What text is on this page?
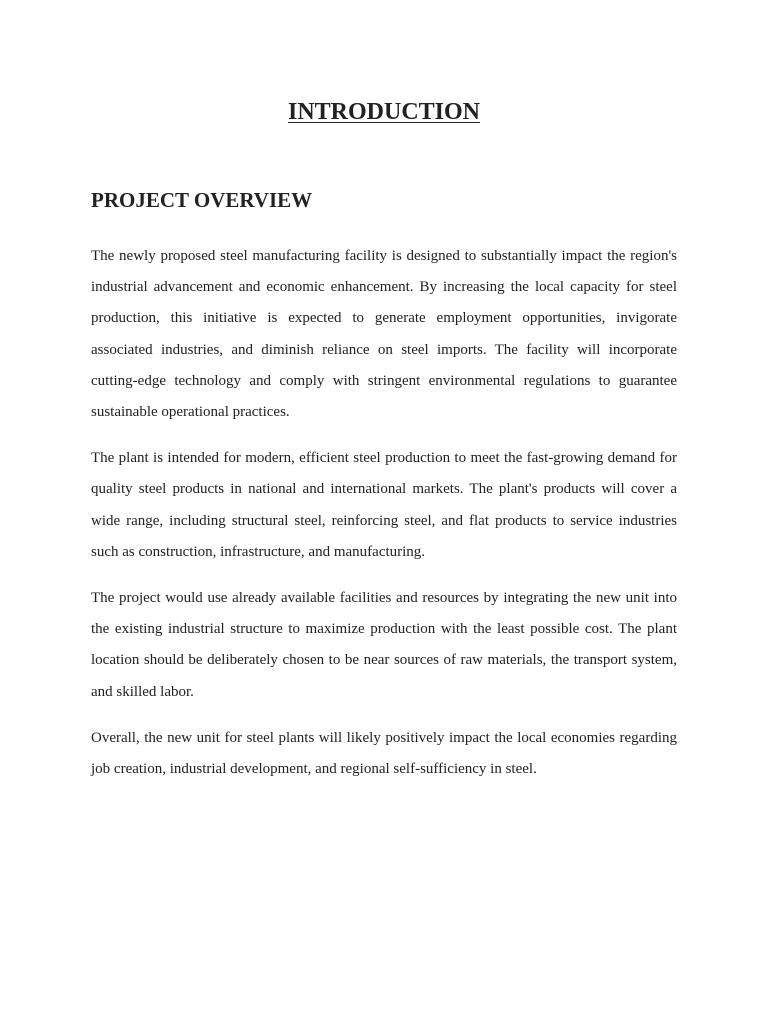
INTRODUCTION
PROJECT OVERVIEW

The newly proposed steel manufacturing facility is designed to substantially impact the region's industrial advancement and economic enhancement. By increasing the local capacity for steel production, this initiative is expected to generate employment opportunities, invigorate associated industries, and diminish reliance on steel imports. The facility will incorporate cutting-edge technology and comply with stringent environmental regulations to guarantee sustainable operational practices.

The plant is intended for modern, efficient steel production to meet the fast-growing demand for quality steel products in national and international markets. The plant's products will cover a wide range, including structural steel, reinforcing steel, and flat products to service industries such as construction, infrastructure, and manufacturing.

The project would use already available facilities and resources by integrating the new unit into the existing industrial structure to maximize production with the least possible cost. The plant location should be deliberately chosen to be near sources of raw materials, the transport system, and skilled labor.

Overall, the new unit for steel plants will likely positively impact the local economies regarding job creation, industrial development, and regional self-sufficiency in steel.
